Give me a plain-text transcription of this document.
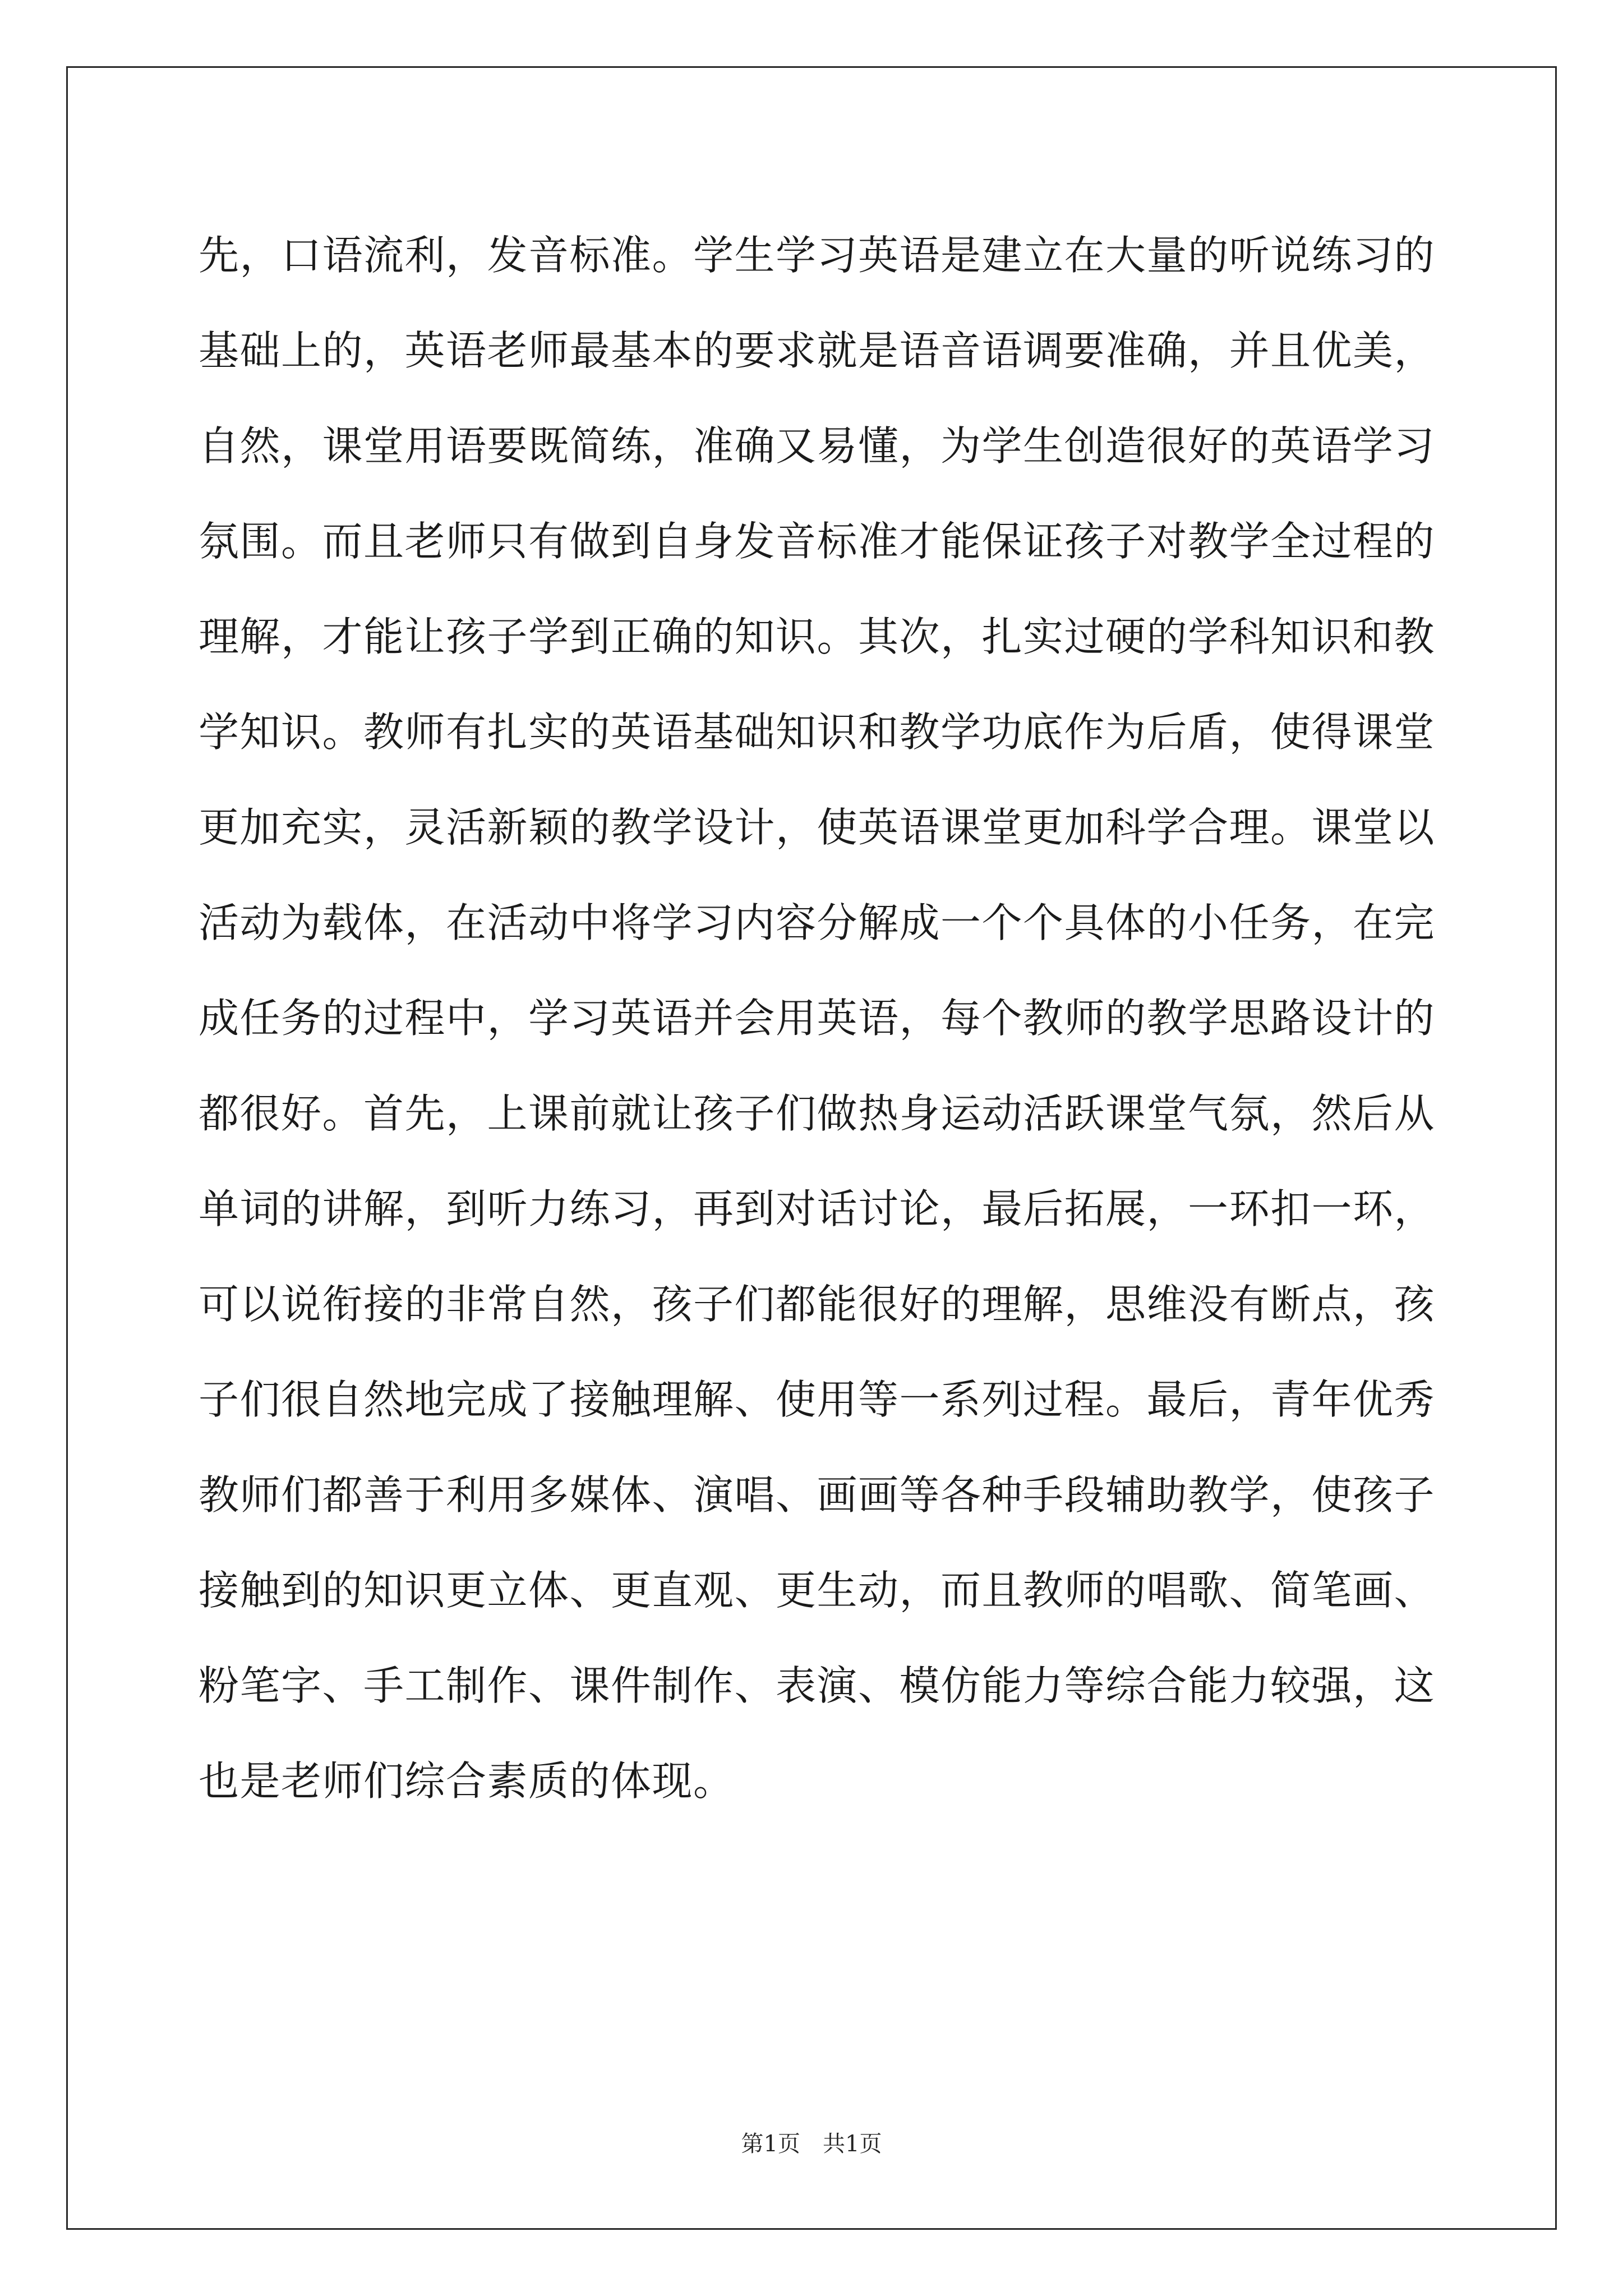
先，口语流利，发音标准。学生学习英语是建立在大量的听说练习的
基础上的，英语老师最基本的要求就是语音语调要准确，并且优美，
自然，课堂用语要既简练，准确又易懂，为学生创造很好的英语学习
氛围。而且老师只有做到自身发音标准才能保证孩子对教学全过程的
理解，才能让孩子学到正确的知识。其次，扎实过硬的学科知识和教
学知识。教师有扎实的英语基础知识和教学功底作为后盾，使得课堂
更加充实，灵活新颖的教学设计，使英语课堂更加科学合理。课堂以
活动为载体，在活动中将学习内容分解成一个个具体的小任务，在完
成任务的过程中，学习英语并会用英语，每个教师的教学思路设计的
都很好。首先，上课前就让孩子们做热身运动活跃课堂气氛，然后从
单词的讲解，到听力练习，再到对话讨论，最后拓展，一环扣一环，
可以说衔接的非常自然，孩子们都能很好的理解，思维没有断点，孩
子们很自然地完成了接触理解、使用等一系列过程。最后，青年优秀
教师们都善于利用多媒体、演唱、画画等各种手段辅助教学，使孩子
接触到的知识更立体、更直观、更生动，而且教师的唱歌、简笔画、
粉笔字、手工制作、课件制作、表演、模仿能力等综合能力较强，这
也是老师们综合素质的体现。
第1页　共1页
